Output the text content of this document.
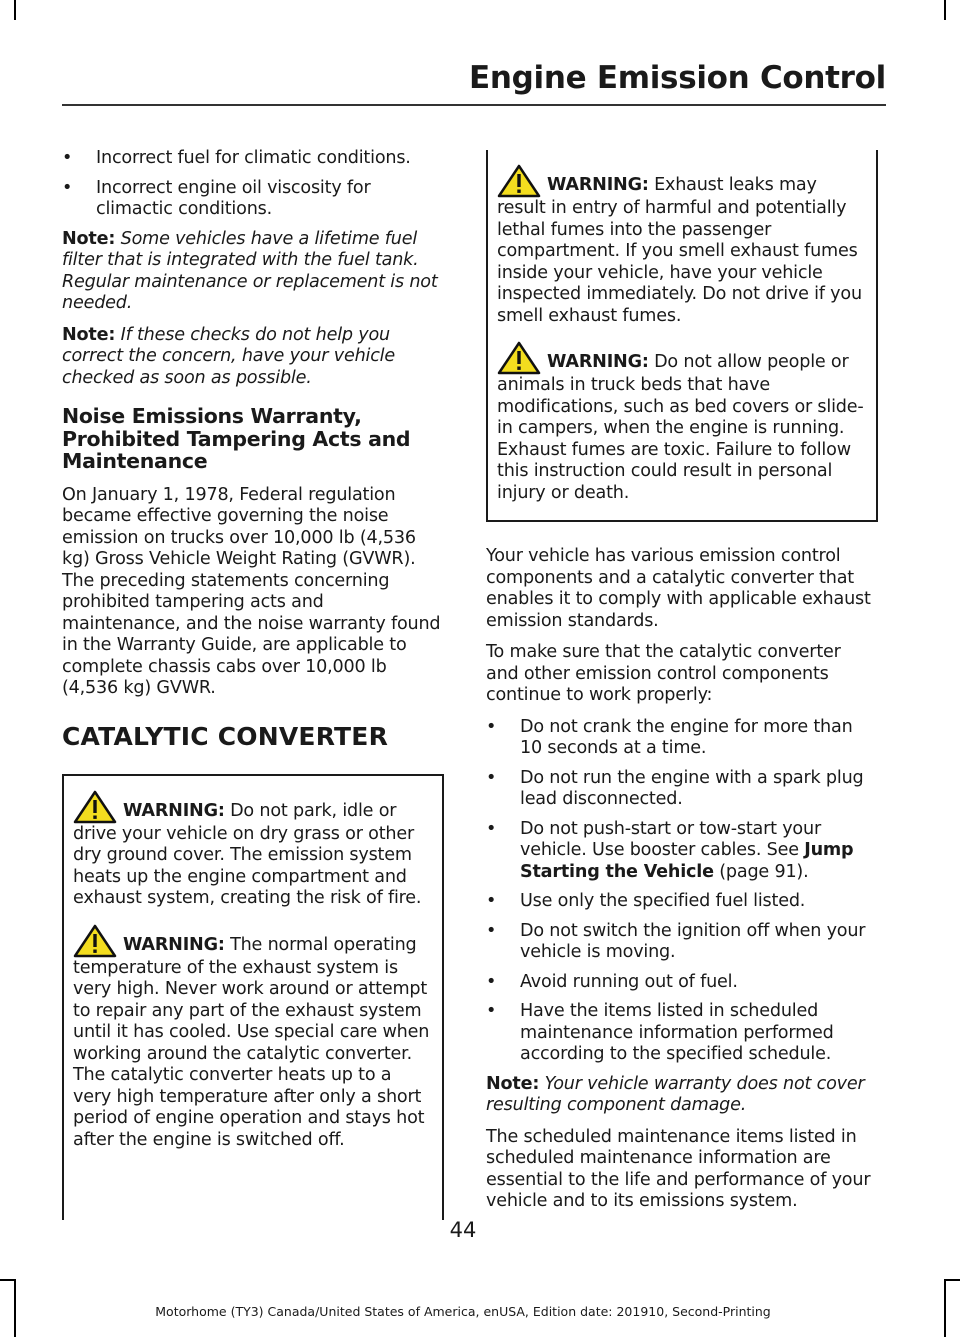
Engine Emission Control
• Incorrect fuel for climatic conditions.
• Incorrect engine oil viscosity for climactic conditions.

Note: Some vehicles have a lifetime fuel filter that is integrated with the fuel tank. Regular maintenance or replacement is not needed.

Note: If these checks do not help you correct the concern, have your vehicle checked as soon as possible.

Noise Emissions Warranty, Prohibited Tampering Acts and Maintenance

On January 1, 1978, Federal regulation became effective governing the noise emission on trucks over 10,000 lb (4,536 kg) Gross Vehicle Weight Rating (GVWR). The preceding statements concerning prohibited tampering acts and maintenance, and the noise warranty found in the Warranty Guide, are applicable to complete chassis cabs over 10,000 lb (4,536 kg) GVWR.

CATALYTIC CONVERTER

WARNING: Do not park, idle or drive your vehicle on dry grass or other dry ground cover. The emission system heats up the engine compartment and exhaust system, creating the risk of fire.

WARNING: The normal operating temperature of the exhaust system is very high. Never work around or attempt to repair any part of the exhaust system until it has cooled. Use special care when working around the catalytic converter. The catalytic converter heats up to a very high temperature after only a short period of engine operation and stays hot after the engine is switched off.

WARNING: Exhaust leaks may result in entry of harmful and potentially lethal fumes into the passenger compartment. If you smell exhaust fumes inside your vehicle, have your vehicle inspected immediately. Do not drive if you smell exhaust fumes.

WARNING: Do not allow people or animals in truck beds that have modifications, such as bed covers or slide-in campers, when the engine is running. Exhaust fumes are toxic. Failure to follow this instruction could result in personal injury or death.

Your vehicle has various emission control components and a catalytic converter that enables it to comply with applicable exhaust emission standards.

To make sure that the catalytic converter and other emission control components continue to work properly:

• Do not crank the engine for more than 10 seconds at a time.
• Do not run the engine with a spark plug lead disconnected.
• Do not push-start or tow-start your vehicle. Use booster cables. See Jump Starting the Vehicle (page 91).
• Use only the specified fuel listed.
• Do not switch the ignition off when your vehicle is moving.
• Avoid running out of fuel.
• Have the items listed in scheduled maintenance information performed according to the specified schedule.

Note: Your vehicle warranty does not cover resulting component damage.

The scheduled maintenance items listed in scheduled maintenance information are essential to the life and performance of your vehicle and to its emissions system.

44
Motorhome (TY3) Canada/United States of America, enUSA, Edition date: 201910, Second-Printing
